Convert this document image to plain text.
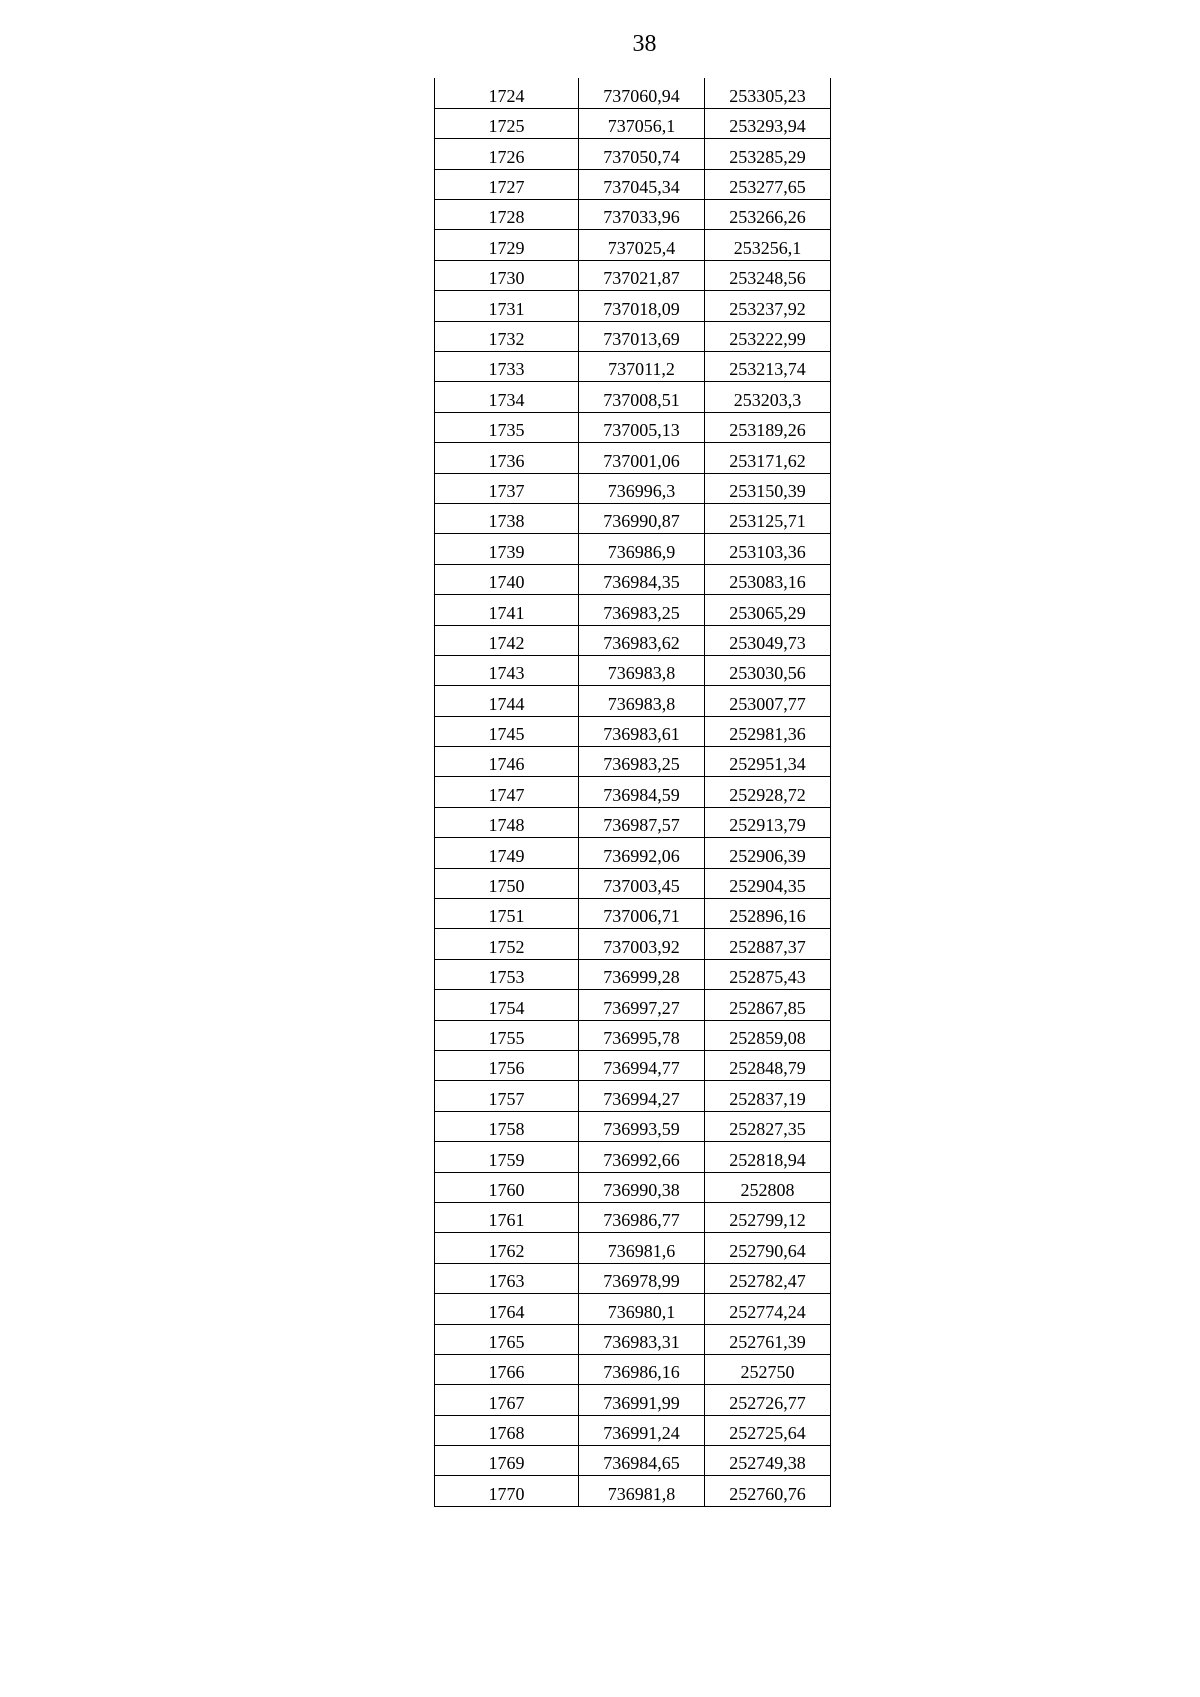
38
1724	737060,94	253305,23
1725	737056,1	253293,94
1726	737050,74	253285,29
1727	737045,34	253277,65
1728	737033,96	253266,26
1729	737025,4	253256,1
1730	737021,87	253248,56
1731	737018,09	253237,92
1732	737013,69	253222,99
1733	737011,2	253213,74
1734	737008,51	253203,3
1735	737005,13	253189,26
1736	737001,06	253171,62
1737	736996,3	253150,39
1738	736990,87	253125,71
1739	736986,9	253103,36
1740	736984,35	253083,16
1741	736983,25	253065,29
1742	736983,62	253049,73
1743	736983,8	253030,56
1744	736983,8	253007,77
1745	736983,61	252981,36
1746	736983,25	252951,34
1747	736984,59	252928,72
1748	736987,57	252913,79
1749	736992,06	252906,39
1750	737003,45	252904,35
1751	737006,71	252896,16
1752	737003,92	252887,37
1753	736999,28	252875,43
1754	736997,27	252867,85
1755	736995,78	252859,08
1756	736994,77	252848,79
1757	736994,27	252837,19
1758	736993,59	252827,35
1759	736992,66	252818,94
1760	736990,38	252808
1761	736986,77	252799,12
1762	736981,6	252790,64
1763	736978,99	252782,47
1764	736980,1	252774,24
1765	736983,31	252761,39
1766	736986,16	252750
1767	736991,99	252726,77
1768	736991,24	252725,64
1769	736984,65	252749,38
1770	736981,8	252760,76
